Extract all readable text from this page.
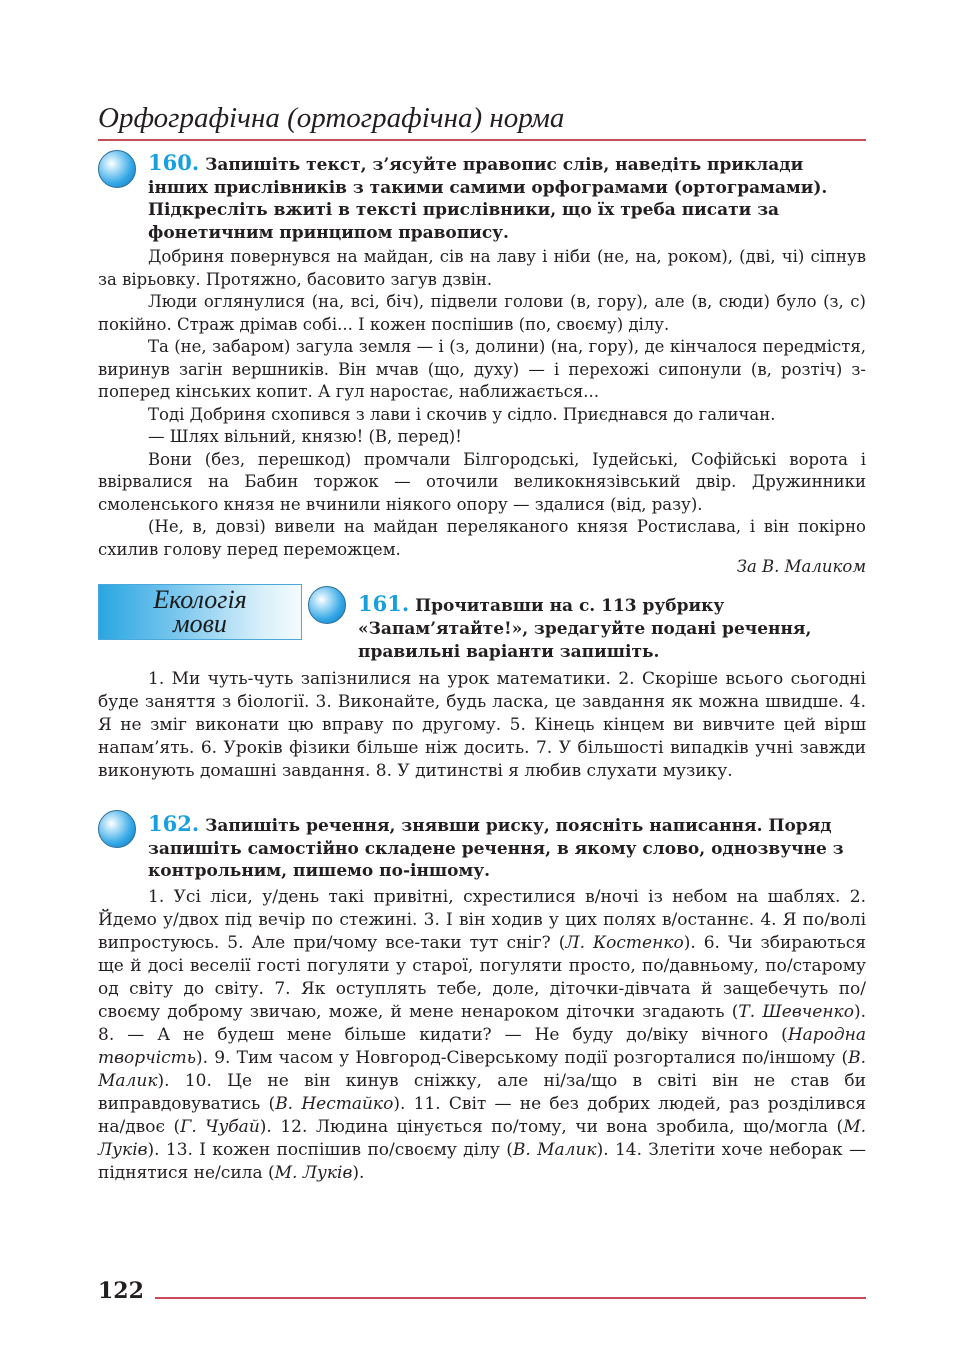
Орфографічна (ортографічна) норма
160. Запишіть текст, з’ясуйте правопис слів, наведіть приклади інших прислівників з такими самими орфограмами (ортограмами). Підкресліть вжиті в тексті прислівники, що їх треба писати за фонетичним принципом правопису.

Добриня повернувся на майдан, сів на лаву і ніби (не, на, роком), (дві, чі) сіпнув за вірьовку. Протяжно, басовито загув дзвін.

Люди оглянулися (на, всі, біч), підвели голови (в, гору), але (в, сюди) було (з, с) покійно. Страж дрімав собі... І кожен поспішив (по, своєму) ділу.

Та (не, забаром) загула земля — і (з, долини) (на, гору), де кінчалося передмістя, виринув загін вершників. Він мчав (що, духу) — і перехожі сипонули (в, розтіч) з-поперед кінських копит. А гул наростає, наближається...

Тоді Добриня схопився з лави і скочив у сідло. Приєднався до галичан.

— Шлях вільний, князю! (В, перед)!

Вони (без, перешкод) промчали Білгородські, Іудейські, Софійські ворота і ввірвалися на Бабин торжок — оточили великокнязівський двір. Дружинники смоленського князя не вчинили ніякого опору — здалися (від, разу).

(Не, в, довзі) вивели на майдан переляканого князя Ростислава, і він покірно схилив голову перед переможцем.

За В. Маликом
Екологія
мови
161. Прочитавши на с. 113 рубрику «Запам’ятайте!», зредагуйте подані речення, правильні варіанти запишіть.

1. Ми чуть-чуть запізнилися на урок математики. 2. Скоріше всього сьогодні буде заняття з біології. 3. Виконайте, будь ласка, це завдання як можна швидше. 4. Я не зміг виконати цю вправу по другому. 5. Кінець кінцем ви вивчите цей вірш напам’ять. 6. Уроків фізики більше ніж досить. 7. У більшості випадків учні завжди виконують домашні завдання. 8. У дитинстві я любив слухати музику.

162. Запишіть речення, знявши риску, поясніть написання. Поряд запишіть самостійно складене речення, в якому слово, однозвучне з контрольним, пишемо по-іншому.

1. Усі ліси, у/день такі привітні, схрестилися в/ночі із небом на шаблях. 2. Йдемо у/двох під вечір по стежині. 3. І він ходив у цих полях в/останнє. 4. Я по/волі випростуюсь. 5. Але при/чому все-таки тут сніг? (Л. Костенко). 6. Чи збираються ще й досі веселії гості погуляти у старої, погуляти просто, по/давньому, по/старому од світу до світу. 7. Як оступлять тебе, доле, діточки-дівчата й защебечуть по/своєму доброму звичаю, може, й мене ненароком діточки згадають (Т. Шевченко). 8. — А не будеш мене більше кидати? — Не буду до/віку вічного (Народна творчість). 9. Тим часом у Новгород-Сіверському події розгорталися по/іншому (В. Малик). 10. Це не він кинув сніжку, але ні/за/що в світі він не став би виправдовуватись (В. Нестайко). 11. Світ — не без добрих людей, раз розділився на/двоє (Г. Чубай). 12. Людина цінується по/тому, чи вона зробила, що/могла (М. Луків). 13. І кожен поспішив по/своєму ділу (В. Малик). 14. Злетіти хоче неборак — піднятися не/сила (М. Луків).

122
